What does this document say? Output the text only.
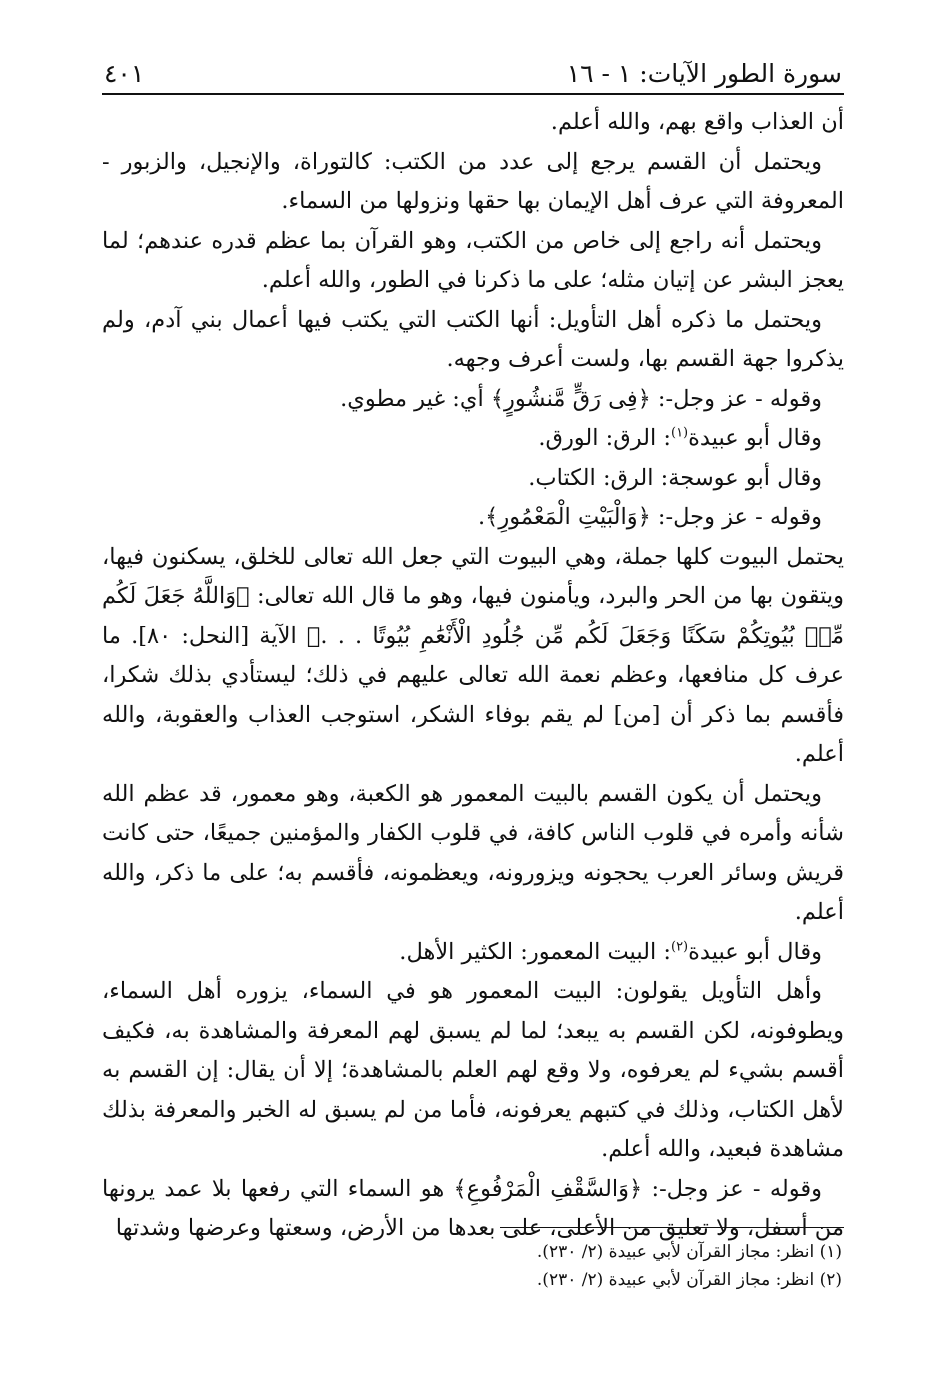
٤٠١	سورة الطور الآيات: ١ - ١٦

أن العذاب واقع بهم، والله أعلم.

ويحتمل أن القسم يرجع إلى عدد من الكتب: كالتوراة، والإنجيل، والزبور - المعروفة التي عرف أهل الإيمان بها حقها ونزولها من السماء.

ويحتمل أنه راجع إلى خاص من الكتب، وهو القرآن بما عظم قدره عندهم؛ لما يعجز البشر عن إتيان مثله؛ على ما ذكرنا في الطور، والله أعلم.

ويحتمل ما ذكره أهل التأويل: أنها الكتب التي يكتب فيها أعمال بني آدم، ولم يذكروا جهة القسم بها، ولست أعرف وجهه.

وقوله - عز وجل-: ﴿فِى رَقٍّ مَّنشُورٍ﴾ أي: غير مطوي.

وقال أبو عبيدة$^{(١)}$: الرق: الورق.

وقال أبو عوسجة: الرق: الكتاب.

وقوله - عز وجل-: ﴿وَالْبَيْتِ الْمَعْمُورِ﴾.

يحتمل البيوت كلها جملة، وهي البيوت التي جعل الله تعالى للخلق، يسكنون فيها، ويتقون بها من الحر والبرد، ويأمنون فيها، وهو ما قال الله تعالى: ﴿وَاللَّهُ جَعَلَ لَكُم مِّنۢ بُيُوتِكُمْ سَكَنًا وَجَعَلَ لَكُم مِّن جُلُودِ الْأَنْعَٰمِ بُيُوتًا . . .﴾ الآية [النحل: ٨٠]. ما عرف كل منافعها، وعظم نعمة الله تعالى عليهم في ذلك؛ ليستأدي بذلك شكرا، فأقسم بما ذكر أن [من] لم يقم بوفاء الشكر، استوجب العذاب والعقوبة، والله أعلم.

ويحتمل أن يكون القسم بالبيت المعمور هو الكعبة، وهو معمور، قد عظم الله شأنه وأمره في قلوب الناس كافة، في قلوب الكفار والمؤمنين جميعًا، حتى كانت قريش وسائر العرب يحجونه ويزورونه، ويعظمونه، فأقسم به؛ على ما ذكر، والله أعلم.

وقال أبو عبيدة$^{(٢)}$: البيت المعمور: الكثير الأهل.

وأهل التأويل يقولون: البيت المعمور هو في السماء، يزوره أهل السماء، ويطوفونه، لكن القسم به يبعد؛ لما لم يسبق لهم المعرفة والمشاهدة به، فكيف أقسم بشيء لم يعرفوه، ولا وقع لهم العلم بالمشاهدة؛ إلا أن يقال: إن القسم به لأهل الكتاب، وذلك في كتبهم يعرفونه، فأما من لم يسبق له الخبر والمعرفة بذلك مشاهدة فبعيد، والله أعلم.

وقوله - عز وجل-: ﴿وَالسَّقْفِ الْمَرْفُوعِ﴾ هو السماء التي رفعها بلا عمد يرونها من أسفل، ولا تعليق من الأعلى، على بعدها من الأرض، وسعتها وعرضها وشدتها

(١) انظر: مجاز القرآن لأبي عبيدة (٢/ ٢٣٠).
(٢) انظر: مجاز القرآن لأبي عبيدة (٢/ ٢٣٠).
